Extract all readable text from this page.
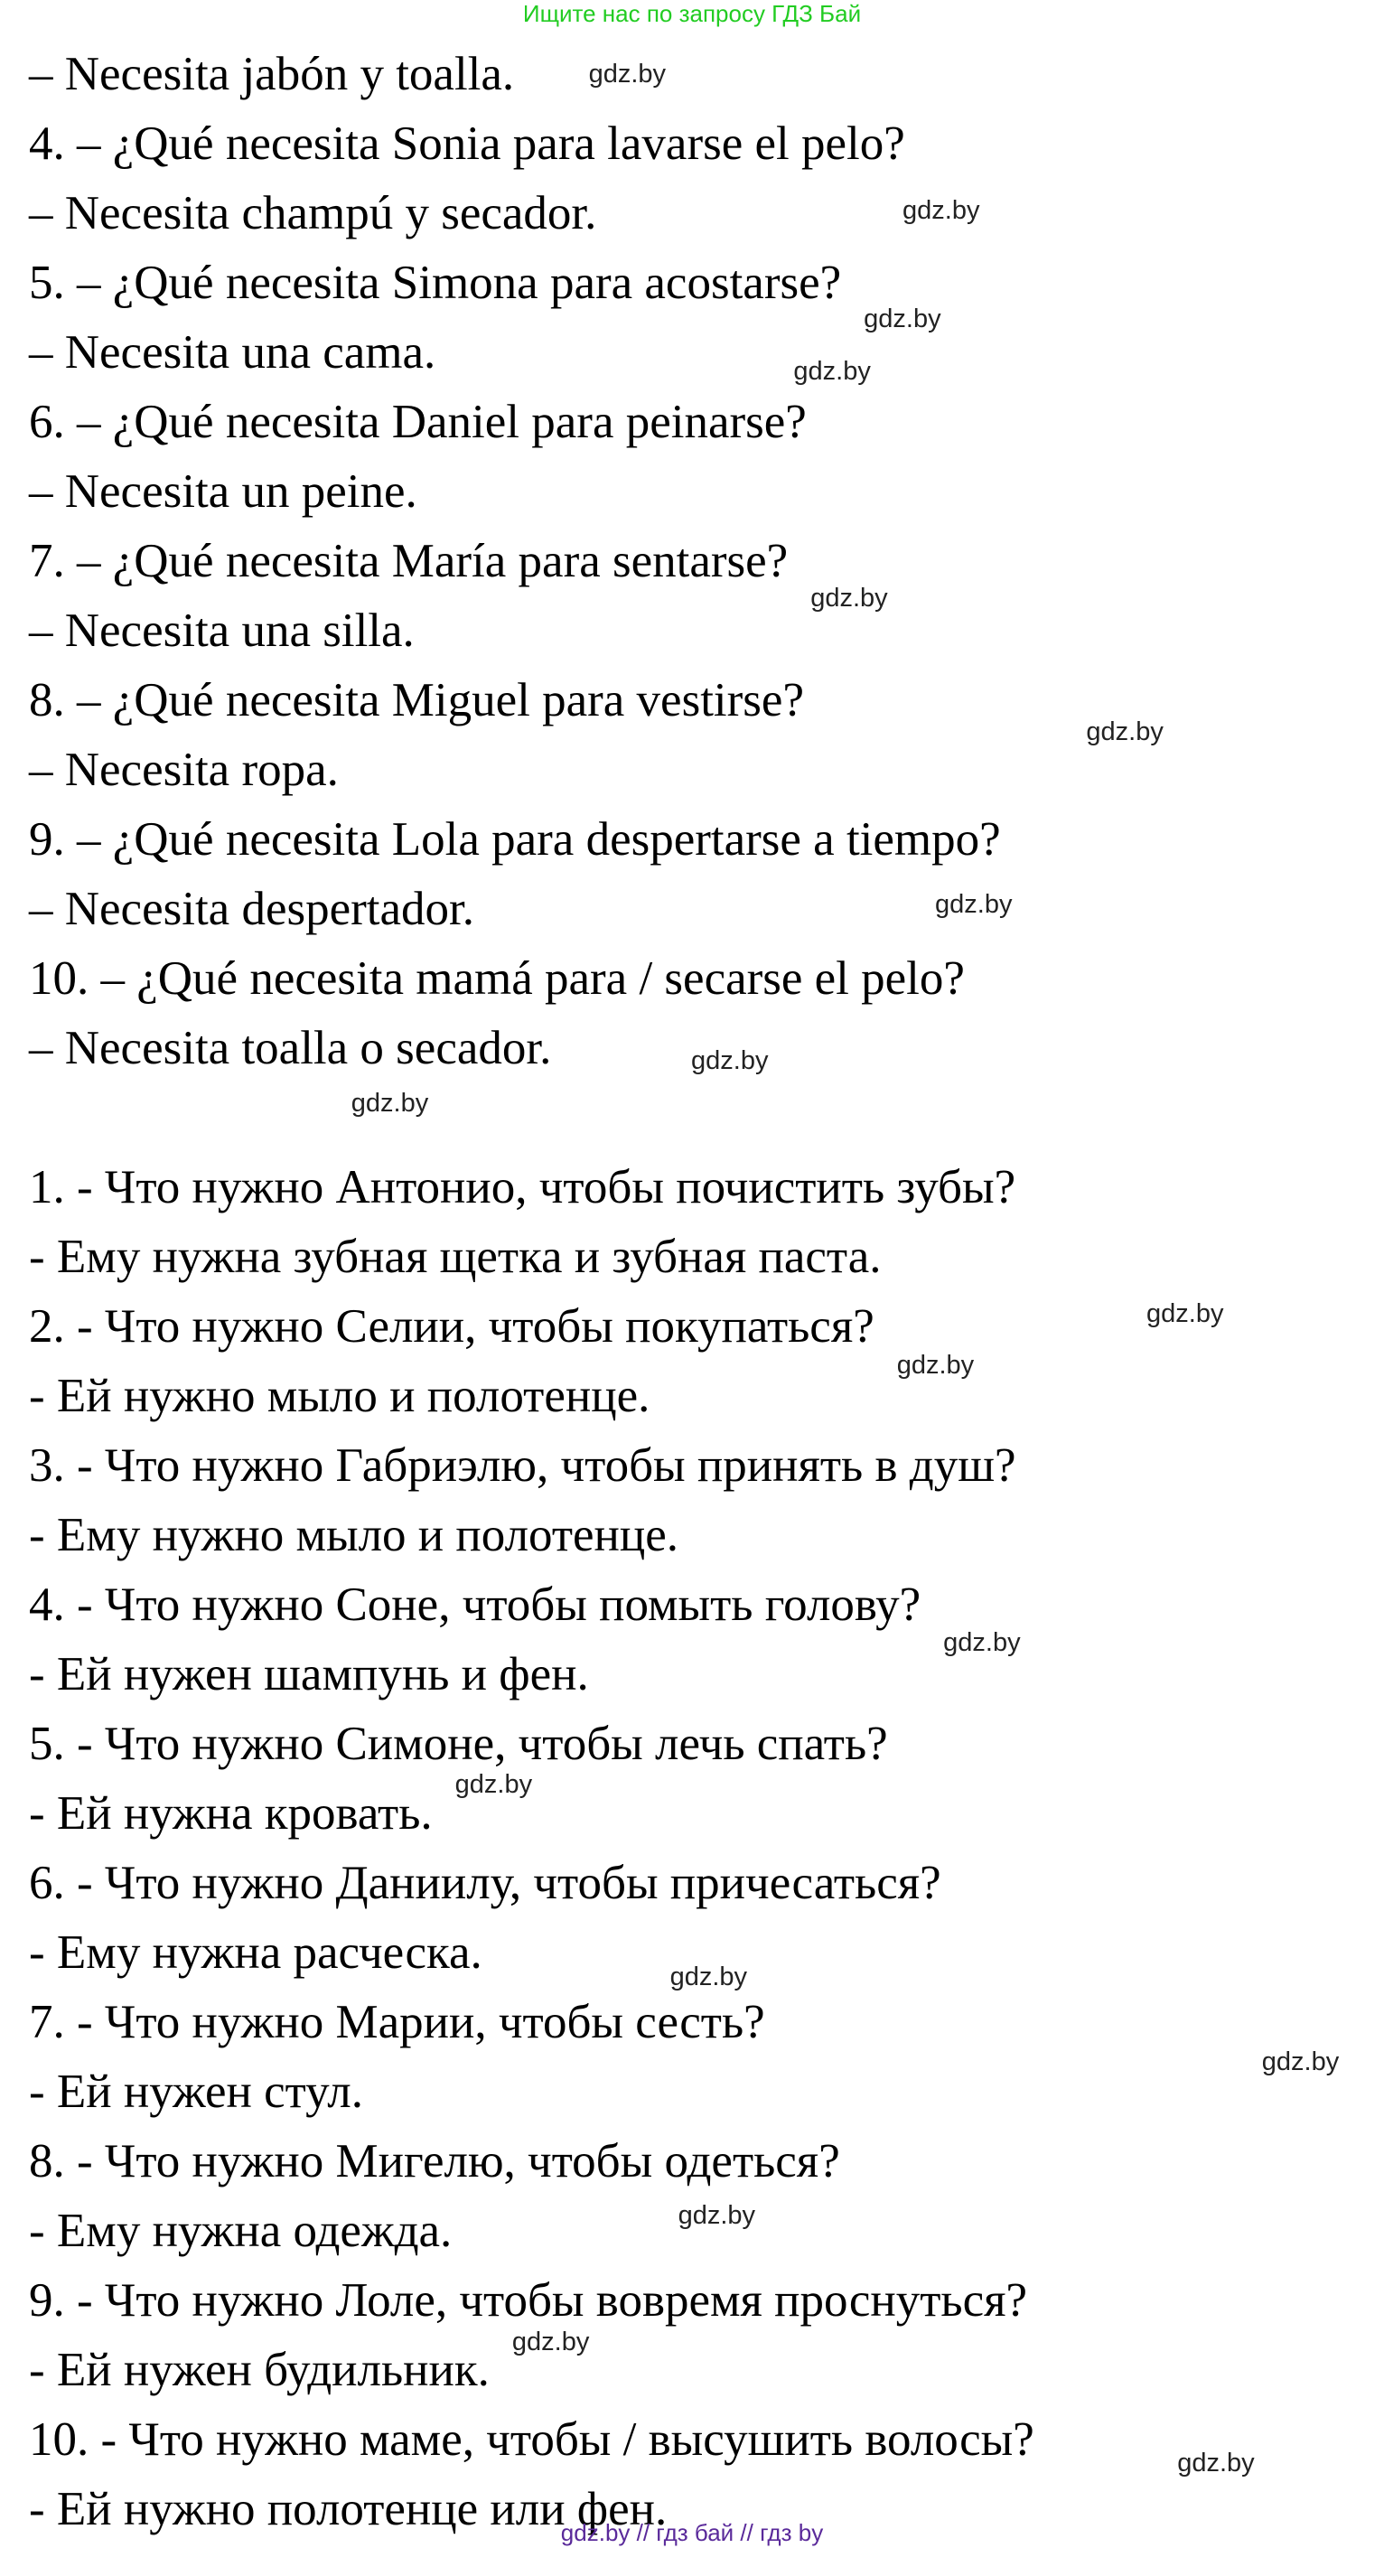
Ищите нас по запросу ГДЗ Бай
– Necesita jabón y toalla.
4. – ¿Qué necesita Sonia para lavarse el pelo?
– Necesita champú y secador.
5. – ¿Qué necesita Simona para acostarse?
– Necesita una cama.
6. – ¿Qué necesita Daniel para peinarse?
– Necesita un peine.
7. – ¿Qué necesita María para sentarse?
– Necesita una silla.
8. – ¿Qué necesita Miguel para vestirse?
– Necesita ropa.
9. – ¿Qué necesita Lola para despertarse a tiempo?
– Necesita despertador.
10. – ¿Qué necesita mamá para / secarse el pelo?
– Necesita toalla o secador.
1. - Что нужно Антонио, чтобы почистить зубы?
- Ему нужна зубная щетка и зубная паста.
2. - Что нужно Селии, чтобы покупаться?
- Ей нужно мыло и полотенце.
3. - Что нужно Габриэлю, чтобы принять в душ?
- Ему нужно мыло и полотенце.
4. - Что нужно Соне, чтобы помыть голову?
- Ей нужен шампунь и фен.
5. - Что нужно Симоне, чтобы лечь спать?
- Ей нужна кровать.
6. - Что нужно Даниилу, чтобы причесаться?
- Ему нужна расческа.
7. - Что нужно Марии, чтобы сесть?
- Ей нужен стул.
8. - Что нужно Мигелю, чтобы одеться?
- Ему нужна одежда.
9. - Что нужно Лоле, чтобы вовремя проснуться?
- Ей нужен будильник.
10. - Что нужно маме, чтобы / высушить волосы?
- Ей нужно полотенце или фен.
gdz.by
gdz.by
gdz.by
gdz.by
gdz.by
gdz.by
gdz.by
gdz.by
gdz.by
gdz.by
gdz.by
gdz.by
gdz.by
gdz.by
gdz.by
gdz.by
gdz.by
gdz.by
gdz.by // гдз бай // гдз by
